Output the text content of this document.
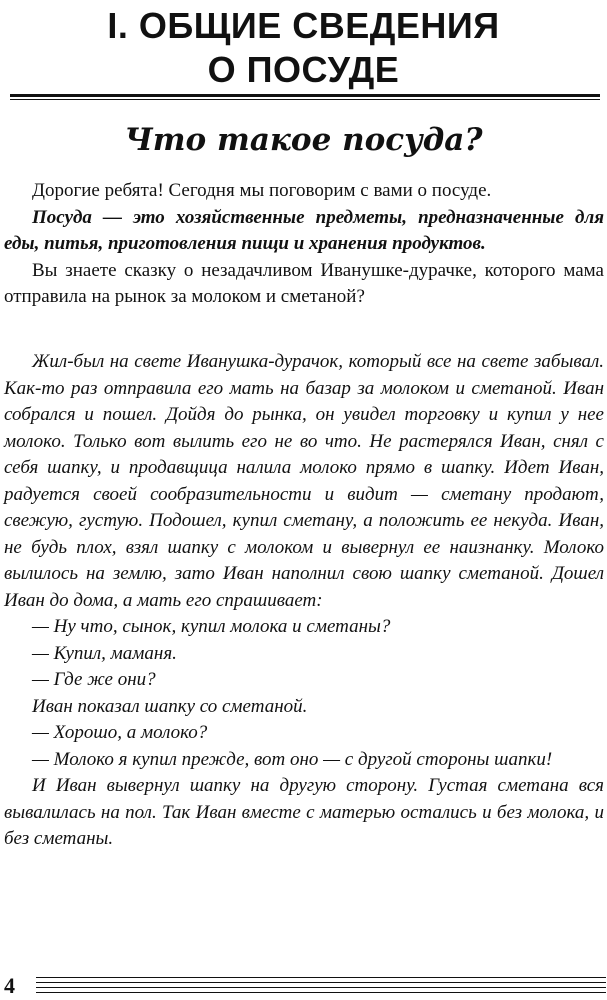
I. ОБЩИЕ СВЕДЕНИЯ
О ПОСУДЕ
Что такое посуда?

Дорогие ребята! Сегодня мы поговорим с вами о посуде.

Посуда — это хозяйственные предметы, предназначенные для еды, питья, приготовления пищи и хранения продуктов.

Вы знаете сказку о незадачливом Иванушке-дурачке, которого мама отправила на рынок за молоком и сметаной?

Жил-был на свете Иванушка-дурачок, который все на свете забывал. Как-то раз отправила его мать на базар за молоком и сметаной. Иван собрался и пошел. Дойдя до рынка, он увидел торговку и купил у нее молоко. Только вот вылить его не во что. Не растерялся Иван, снял с себя шапку, и продавщица налила молоко прямо в шапку. Идет Иван, радуется своей сообразительности и видит — сметану продают, свежую, густую. Подошел, купил сметану, а положить ее некуда. Иван, не будь плох, взял шапку с молоком и вывернул ее наизнанку. Молоко вылилось на землю, зато Иван наполнил свою шапку сметаной. Дошел Иван до дома, а мать его спрашивает:

— Ну что, сынок, купил молока и сметаны?

— Купил, маманя.

— Где же они?

Иван показал шапку со сметаной.

— Хорошо, а молоко?

— Молоко я купил прежде, вот оно — с другой стороны шапки!

И Иван вывернул шапку на другую сторону. Густая сметана вся вывалилась на пол. Так Иван вместе с матерью остались и без молока, и без сметаны.

4
